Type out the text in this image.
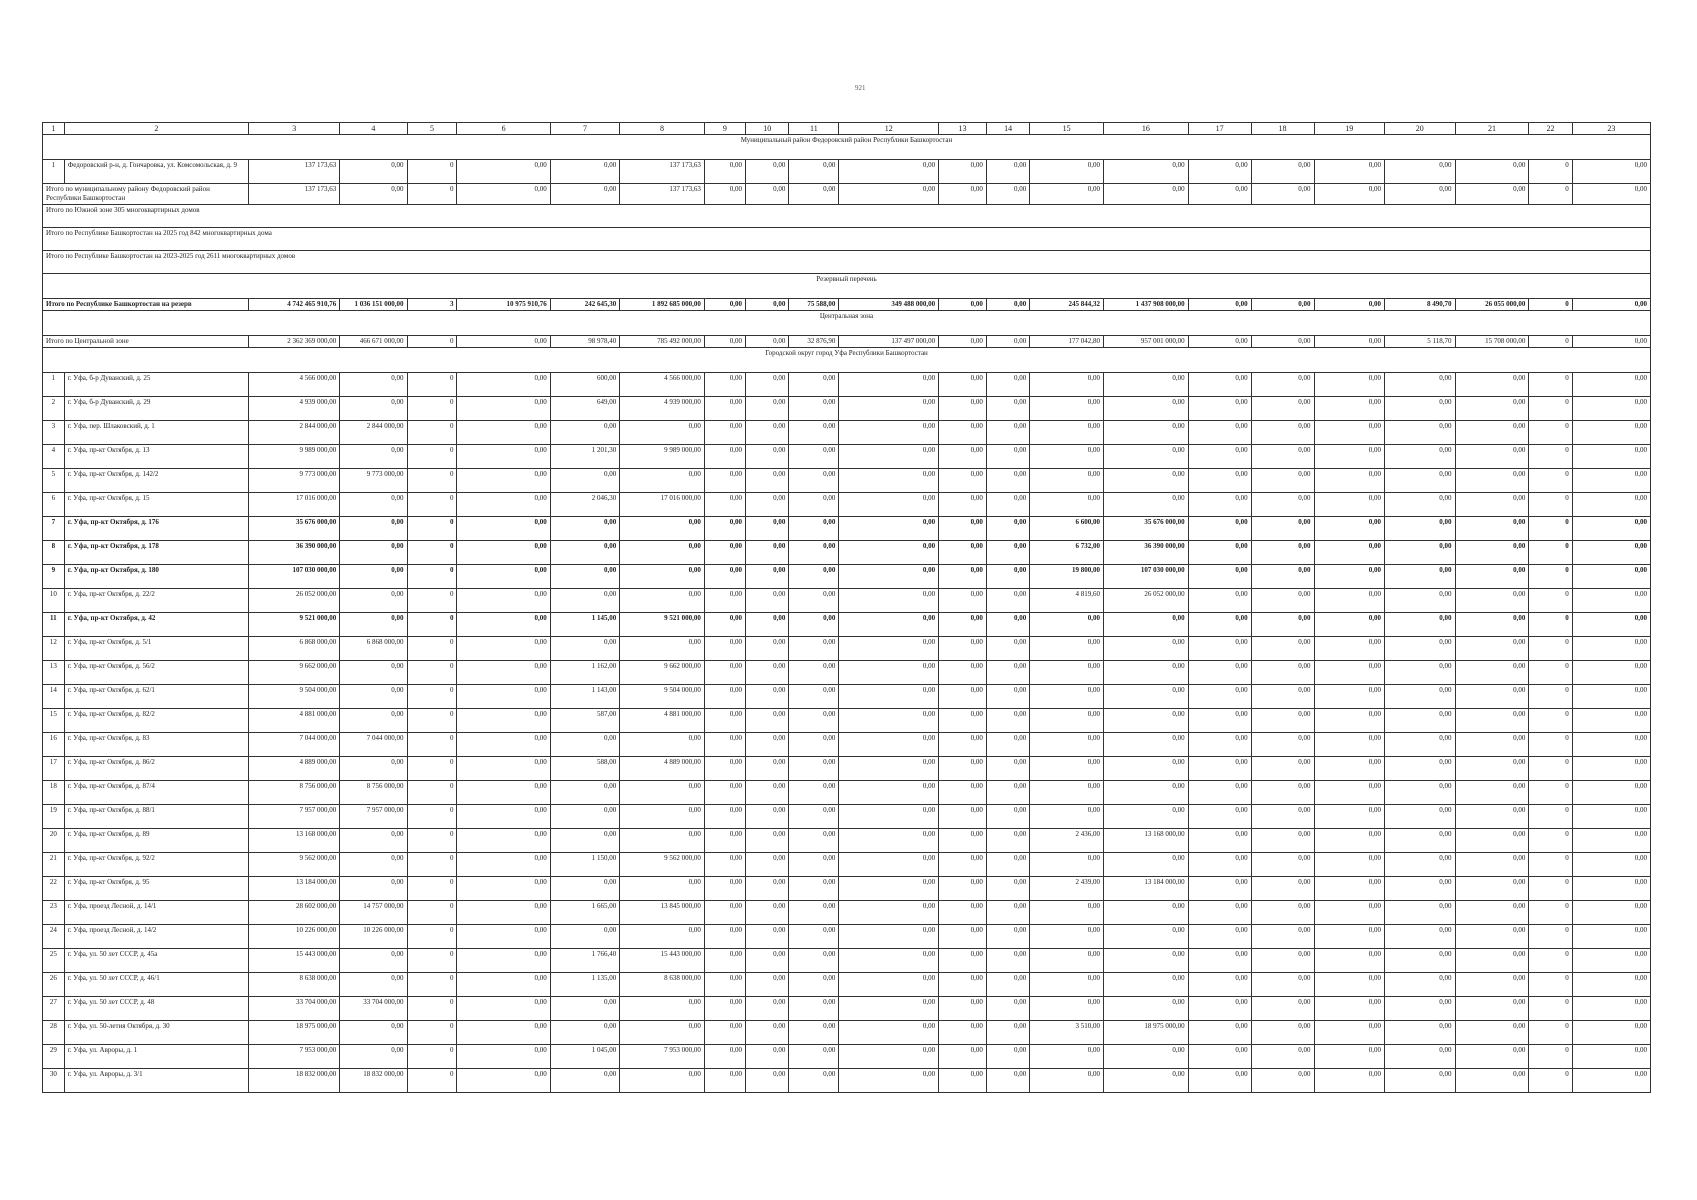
921
1	2	3	4	5	6	7	8	9	10	11	12	13	14	15	16	17	18	19	20	21	22	23
Муниципальный район Федоровский район Республики Башкортостан																						
1	Федоровский р-н, д. Гончаровка, ул. Комсомольская, д. 9	137 173,63	0,00	0	0,00	0,00	137 173,63	0,00	0,00	0,00	0,00	0,00	0,00	0,00	0,00	0,00	0,00	0,00	0,00	0,00	0	0,00
Итого по муниципальному району Федоровский район Республики Башкортостан		137 173,63	0,00	0	0,00	0,00	137 173,63	0,00	0,00	0,00	0,00	0,00	0,00	0,00	0,00	0,00	0,00	0,00	0,00	0,00	0	0,00
Итого по Южной зоне 305 многоквартирных домов																						
Итого по Республике Башкортостан на 2025 год 842 многоквартирных дома																						
Итого по Республике Башкортостан на 2023-2025 год 2611 многоквартирных домов																						
Резервный перечень																						
Итого по Республике Башкортостан на резерв		4 742 465 910,76	1 036 151 000,00	3	10 975 910,76	242 645,30	1 892 685 000,00	0,00	0,00	75 588,00	349 488 000,00	0,00	0,00	245 844,32	1 437 908 000,00	0,00	0,00	0,00	8 490,70	26 055 000,00	0	0,00
Центральная зона																						
Итого по Центральной зоне		2 362 369 000,00	466 671 000,00	0	0,00	98 978,40	785 492 000,00	0,00	0,00	32 876,90	137 497 000,00	0,00	0,00	177 042,80	957 001 000,00	0,00	0,00	0,00	5 118,70	15 708 000,00	0	0,00
Городской округ город Уфа Республики Башкортостан																						
1	г. Уфа, б-р Дуванский, д. 25	4 566 000,00	0,00	0	0,00	600,00	4 566 000,00	0,00	0,00	0,00	0,00	0,00	0,00	0,00	0,00	0,00	0,00	0,00	0,00	0,00	0	0,00
2	г. Уфа, б-р Дуванский, д. 29	4 939 000,00	0,00	0	0,00	649,00	4 939 000,00	0,00	0,00	0,00	0,00	0,00	0,00	0,00	0,00	0,00	0,00	0,00	0,00	0,00	0	0,00
3	г. Уфа, пер. Шлаковский, д. 1	2 844 000,00	2 844 000,00	0	0,00	0,00	0,00	0,00	0,00	0,00	0,00	0,00	0,00	0,00	0,00	0,00	0,00	0,00	0,00	0,00	0	0,00
4	г. Уфа, пр-кт Октября, д. 13	9 989 000,00	0,00	0	0,00	1 201,30	9 989 000,00	0,00	0,00	0,00	0,00	0,00	0,00	0,00	0,00	0,00	0,00	0,00	0,00	0,00	0	0,00
5	г. Уфа, пр-кт Октября, д. 142/2	9 773 000,00	9 773 000,00	0	0,00	0,00	0,00	0,00	0,00	0,00	0,00	0,00	0,00	0,00	0,00	0,00	0,00	0,00	0,00	0,00	0	0,00
6	г. Уфа, пр-кт Октября, д. 15	17 016 000,00	0,00	0	0,00	2 046,30	17 016 000,00	0,00	0,00	0,00	0,00	0,00	0,00	0,00	0,00	0,00	0,00	0,00	0,00	0,00	0	0,00
7	г. Уфа, пр-кт Октября, д. 176	35 676 000,00	0,00	0	0,00	0,00	0,00	0,00	0,00	0,00	0,00	0,00	0,00	6 600,00	35 676 000,00	0,00	0,00	0,00	0,00	0,00	0	0,00
8	г. Уфа, пр-кт Октября, д. 178	36 390 000,00	0,00	0	0,00	0,00	0,00	0,00	0,00	0,00	0,00	0,00	0,00	6 732,00	36 390 000,00	0,00	0,00	0,00	0,00	0,00	0	0,00
9	г. Уфа, пр-кт Октября, д. 180	107 030 000,00	0,00	0	0,00	0,00	0,00	0,00	0,00	0,00	0,00	0,00	0,00	19 800,00	107 030 000,00	0,00	0,00	0,00	0,00	0,00	0	0,00
10	г. Уфа, пр-кт Октября, д. 22/2	26 052 000,00	0,00	0	0,00	0,00	0,00	0,00	0,00	0,00	0,00	0,00	0,00	4 819,60	26 052 000,00	0,00	0,00	0,00	0,00	0,00	0	0,00
11	г. Уфа, пр-кт Октября, д. 42	9 521 000,00	0,00	0	0,00	1 145,00	9 521 000,00	0,00	0,00	0,00	0,00	0,00	0,00	0,00	0,00	0,00	0,00	0,00	0,00	0,00	0	0,00
12	г. Уфа, пр-кт Октября, д. 5/1	6 868 000,00	6 868 000,00	0	0,00	0,00	0,00	0,00	0,00	0,00	0,00	0,00	0,00	0,00	0,00	0,00	0,00	0,00	0,00	0,00	0	0,00
13	г. Уфа, пр-кт Октября, д. 56/2	9 662 000,00	0,00	0	0,00	1 162,00	9 662 000,00	0,00	0,00	0,00	0,00	0,00	0,00	0,00	0,00	0,00	0,00	0,00	0,00	0,00	0	0,00
14	г. Уфа, пр-кт Октября, д. 62/1	9 504 000,00	0,00	0	0,00	1 143,00	9 504 000,00	0,00	0,00	0,00	0,00	0,00	0,00	0,00	0,00	0,00	0,00	0,00	0,00	0,00	0	0,00
15	г. Уфа, пр-кт Октября, д. 82/2	4 881 000,00	0,00	0	0,00	587,00	4 881 000,00	0,00	0,00	0,00	0,00	0,00	0,00	0,00	0,00	0,00	0,00	0,00	0,00	0,00	0	0,00
16	г. Уфа, пр-кт Октября, д. 83	7 044 000,00	7 044 000,00	0	0,00	0,00	0,00	0,00	0,00	0,00	0,00	0,00	0,00	0,00	0,00	0,00	0,00	0,00	0,00	0,00	0	0,00
17	г. Уфа, пр-кт Октября, д. 86/2	4 889 000,00	0,00	0	0,00	588,00	4 889 000,00	0,00	0,00	0,00	0,00	0,00	0,00	0,00	0,00	0,00	0,00	0,00	0,00	0,00	0	0,00
18	г. Уфа, пр-кт Октября, д. 87/4	8 756 000,00	8 756 000,00	0	0,00	0,00	0,00	0,00	0,00	0,00	0,00	0,00	0,00	0,00	0,00	0,00	0,00	0,00	0,00	0,00	0	0,00
19	г. Уфа, пр-кт Октября, д. 88/1	7 957 000,00	7 957 000,00	0	0,00	0,00	0,00	0,00	0,00	0,00	0,00	0,00	0,00	0,00	0,00	0,00	0,00	0,00	0,00	0,00	0	0,00
20	г. Уфа, пр-кт Октября, д. 89	13 168 000,00	0,00	0	0,00	0,00	0,00	0,00	0,00	0,00	0,00	0,00	0,00	2 436,00	13 168 000,00	0,00	0,00	0,00	0,00	0,00	0	0,00
21	г. Уфа, пр-кт Октября, д. 92/2	9 562 000,00	0,00	0	0,00	1 150,00	9 562 000,00	0,00	0,00	0,00	0,00	0,00	0,00	0,00	0,00	0,00	0,00	0,00	0,00	0,00	0	0,00
22	г. Уфа, пр-кт Октября, д. 95	13 184 000,00	0,00	0	0,00	0,00	0,00	0,00	0,00	0,00	0,00	0,00	0,00	2 439,00	13 184 000,00	0,00	0,00	0,00	0,00	0,00	0	0,00
23	г. Уфа, проезд Лесной, д. 14/1	28 602 000,00	14 757 000,00	0	0,00	1 665,00	13 845 000,00	0,00	0,00	0,00	0,00	0,00	0,00	0,00	0,00	0,00	0,00	0,00	0,00	0,00	0	0,00
24	г. Уфа, проезд Лесной, д. 14/2	10 226 000,00	10 226 000,00	0	0,00	0,00	0,00	0,00	0,00	0,00	0,00	0,00	0,00	0,00	0,00	0,00	0,00	0,00	0,00	0,00	0	0,00
25	г. Уфа, ул. 50 лет СССР, д. 45а	15 443 000,00	0,00	0	0,00	1 766,40	15 443 000,00	0,00	0,00	0,00	0,00	0,00	0,00	0,00	0,00	0,00	0,00	0,00	0,00	0,00	0	0,00
26	г. Уфа, ул. 50 лет СССР, д. 46/1	8 638 000,00	0,00	0	0,00	1 135,00	8 638 000,00	0,00	0,00	0,00	0,00	0,00	0,00	0,00	0,00	0,00	0,00	0,00	0,00	0,00	0	0,00
27	г. Уфа, ул. 50 лет СССР, д. 48	33 704 000,00	33 704 000,00	0	0,00	0,00	0,00	0,00	0,00	0,00	0,00	0,00	0,00	0,00	0,00	0,00	0,00	0,00	0,00	0,00	0	0,00
28	г. Уфа, ул. 50-летия Октября, д. 30	18 975 000,00	0,00	0	0,00	0,00	0,00	0,00	0,00	0,00	0,00	0,00	0,00	3 510,00	18 975 000,00	0,00	0,00	0,00	0,00	0,00	0	0,00
29	г. Уфа, ул. Авроры, д. 1	7 953 000,00	0,00	0	0,00	1 045,00	7 953 000,00	0,00	0,00	0,00	0,00	0,00	0,00	0,00	0,00	0,00	0,00	0,00	0,00	0,00	0	0,00
30	г. Уфа, ул. Авроры, д. 3/1	18 832 000,00	18 832 000,00	0	0,00	0,00	0,00	0,00	0,00	0,00	0,00	0,00	0,00	0,00	0,00	0,00	0,00	0,00	0,00	0,00	0	0,00
